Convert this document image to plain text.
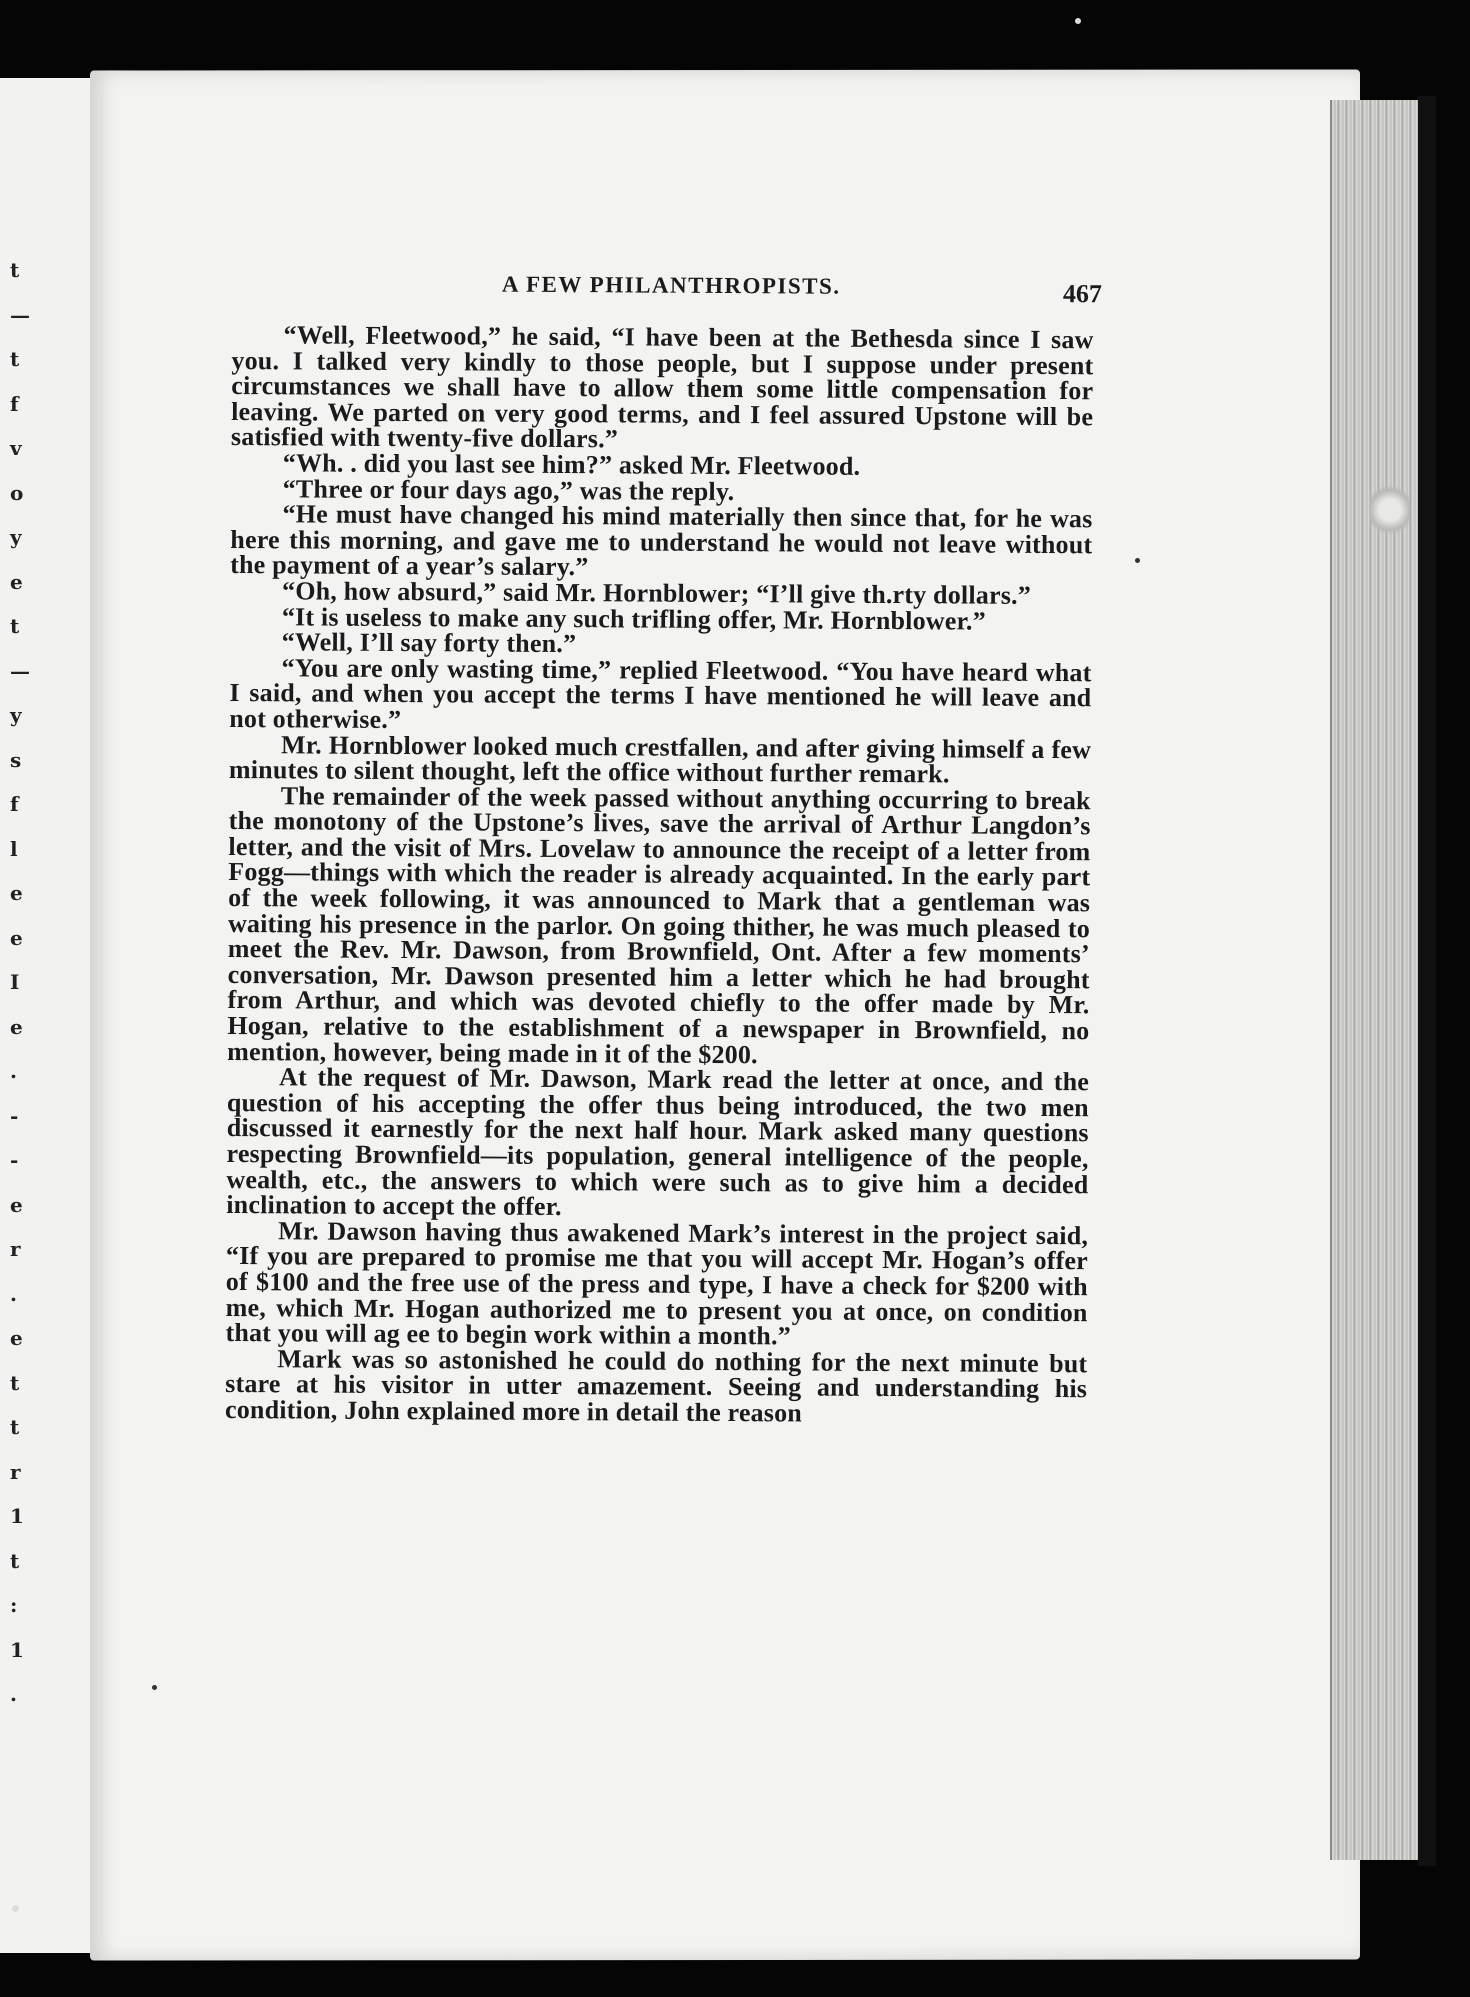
t
—
t
f
v
o
y
e
t
—
y
s
f
l
e
e
I
e
.
-
-
e
r
.
e
t
t
r
1
t
:
1
.
A FEW PHILANTHROPISTS.	467

“Well, Fleetwood,” he said, “I have been at the Bethesda since I saw you. I talked very kindly to those people, but I suppose under present circumstances we shall have to allow them some little compensation for leaving. We parted on very good terms, and I feel assured Upstone will be satisfied with twenty-five dollars.”

“Wh. . did you last see him?” asked Mr. Fleetwood.

“Three or four days ago,” was the reply.

“He must have changed his mind materially then since that, for he was here this morning, and gave me to understand he would not leave without the payment of a year’s salary.”

“Oh, how absurd,” said Mr. Hornblower; “I’ll give th.rty dollars.”

“It is useless to make any such trifling offer, Mr. Hornblower.”

“Well, I’ll say forty then.”

“You are only wasting time,” replied Fleetwood. “You have heard what I said, and when you accept the terms I have mentioned he will leave and not otherwise.”

Mr. Hornblower looked much crestfallen, and after giving himself a few minutes to silent thought, left the office without further remark.

The remainder of the week passed without anything occurring to break the monotony of the Upstone’s lives, save the arrival of Arthur Langdon’s letter, and the visit of Mrs. Lovelaw to announce the receipt of a letter from Fogg—things with which the reader is already acquainted. In the early part of the week following, it was announced to Mark that a gentleman was waiting his presence in the parlor. On going thither, he was much pleased to meet the Rev. Mr. Dawson, from Brownfield, Ont. After a few moments’ conversation, Mr. Dawson presented him a letter which he had brought from Arthur, and which was devoted chiefly to the offer made by Mr. Hogan, relative to the establishment of a newspaper in Brownfield, no mention, however, being made in it of the $200.

At the request of Mr. Dawson, Mark read the letter at once, and the question of his accepting the offer thus being introduced, the two men discussed it earnestly for the next half hour. Mark asked many questions respecting Brownfield—its population, general intelligence of the people, wealth, etc., the answers to which were such as to give him a decided inclination to accept the offer.

Mr. Dawson having thus awakened Mark’s interest in the project said, “If you are prepared to promise me that you will accept Mr. Hogan’s offer of $100 and the free use of the press and type, I have a check for $200 with me, which Mr. Hogan authorized me to present you at once, on condition that you will ag ee to begin work within a month.”

Mark was so astonished he could do nothing for the next minute but stare at his visitor in utter amazement. Seeing and understanding his condition, John explained more in detail the reason
